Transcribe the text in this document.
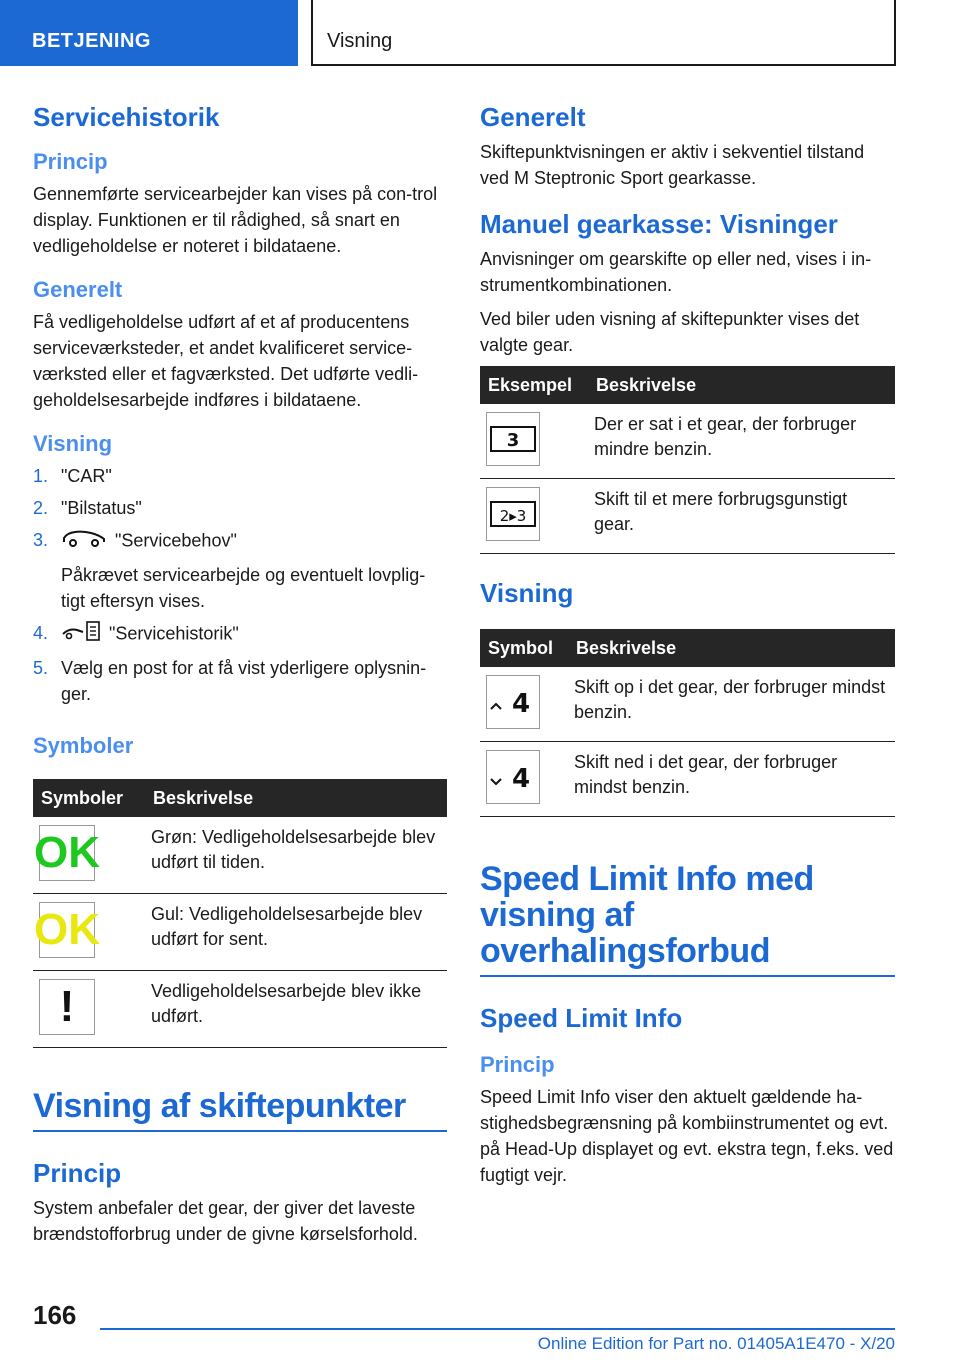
BETJENING	Visning
Servicehistorik
Princip

Gennemførte servicearbejder kan vises på con-trol display. Funktionen er til rådighed, så snart en vedligeholdelse er noteret i bildataene.

Generelt

Få vedligeholdelse udført af et af producentens serviceværksteder, et andet kvalificeret service-værksted eller et fagværksted. Det udførte vedli-geholdelsesarbejde indføres i bildataene.

Visning
1. "CAR"
2. "Bilstatus"
3.	"Servicebehov"
Påkrævet servicearbejde og eventuelt lovplig-tigt eftersyn vises.
4.	"Servicehistorik"
5. Vælg en post for at få vist yderligere oplysnin-ger.
Symboler
Symboler	Beskrivelse

OK	Grøn: Vedligeholdelsesarbejde blev udført til tiden.

OK	Gul: Vedligeholdelsesarbejde blev udført for sent.

!	Vedligeholdelsesarbejde blev ikke udført.
Visning af skiftepunkter
Princip

System anbefaler det gear, der giver det laveste brændstofforbrug under de givne kørselsforhold.

Generelt

Skiftepunktvisningen er aktiv i sekventiel tilstand ved M Steptronic Sport gearkasse.

Manuel gearkasse: Visninger

Anvisninger om gearskifte op eller ned, vises i in-strumentkombinationen.

Ved biler uden visning af skiftepunkter vises det valgte gear.

Eksempel	Beskrivelse

3	Der er sat i et gear, der forbruger mindre benzin.

2▸3	Skift til et mere forbrugsgunstigt gear.
Visning
Symbol	Beskrivelse

4	Skift op i det gear, der forbruger mindst benzin.

4	Skift ned i det gear, der forbruger mindst benzin.
Speed Limit Info med visning af overhalingsforbud
Speed Limit Info
Princip

Speed Limit Info viser den aktuelt gældende ha-stighedsbegrænsning på kombiinstrumentet og evt. på Head-Up displayet og evt. ekstra tegn, f.eks. ved fugtigt vejr.

166
Online Edition for Part no. 01405A1E470 - X/20
